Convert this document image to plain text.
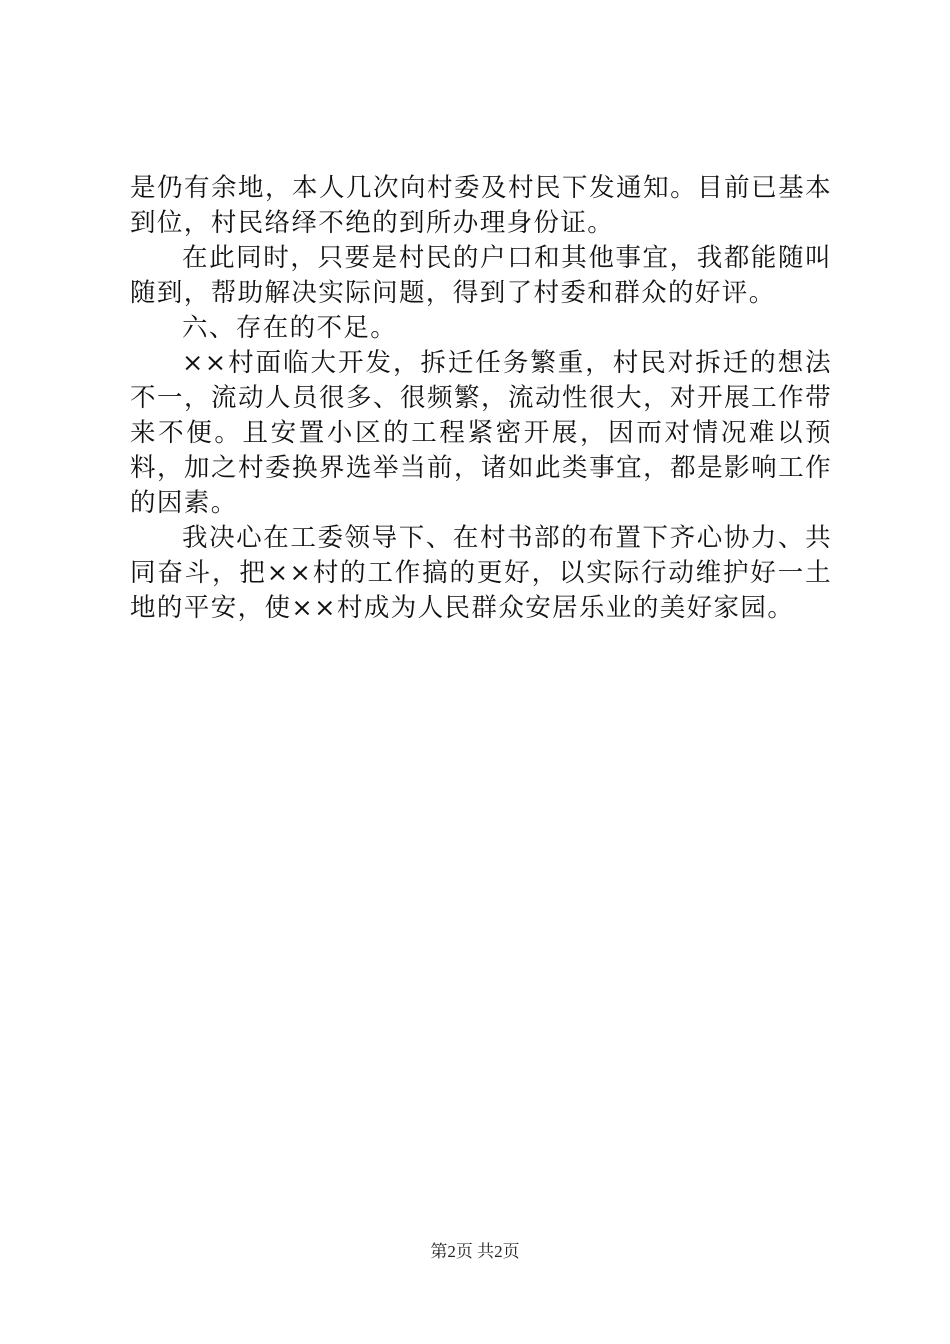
是仍有余地，本人几次向村委及村民下发通知。目前已基本到位，村民络绎不绝的到所办理身份证。

在此同时，只要是村民的户口和其他事宜，我都能随叫随到，帮助解决实际问题，得到了村委和群众的好评。

六、存在的不足。

××村面临大开发，拆迁任务繁重，村民对拆迁的想法不一，流动人员很多、很频繁，流动性很大，对开展工作带来不便。且安置小区的工程紧密开展，因而对情况难以预料，加之村委换界选举当前，诸如此类事宜，都是影响工作的因素。

我决心在工委领导下、在村书部的布置下齐心协力、共同奋斗，把××村的工作搞的更好，以实际行动维护好一土地的平安，使××村成为人民群众安居乐业的美好家园。

第2页 共2页
